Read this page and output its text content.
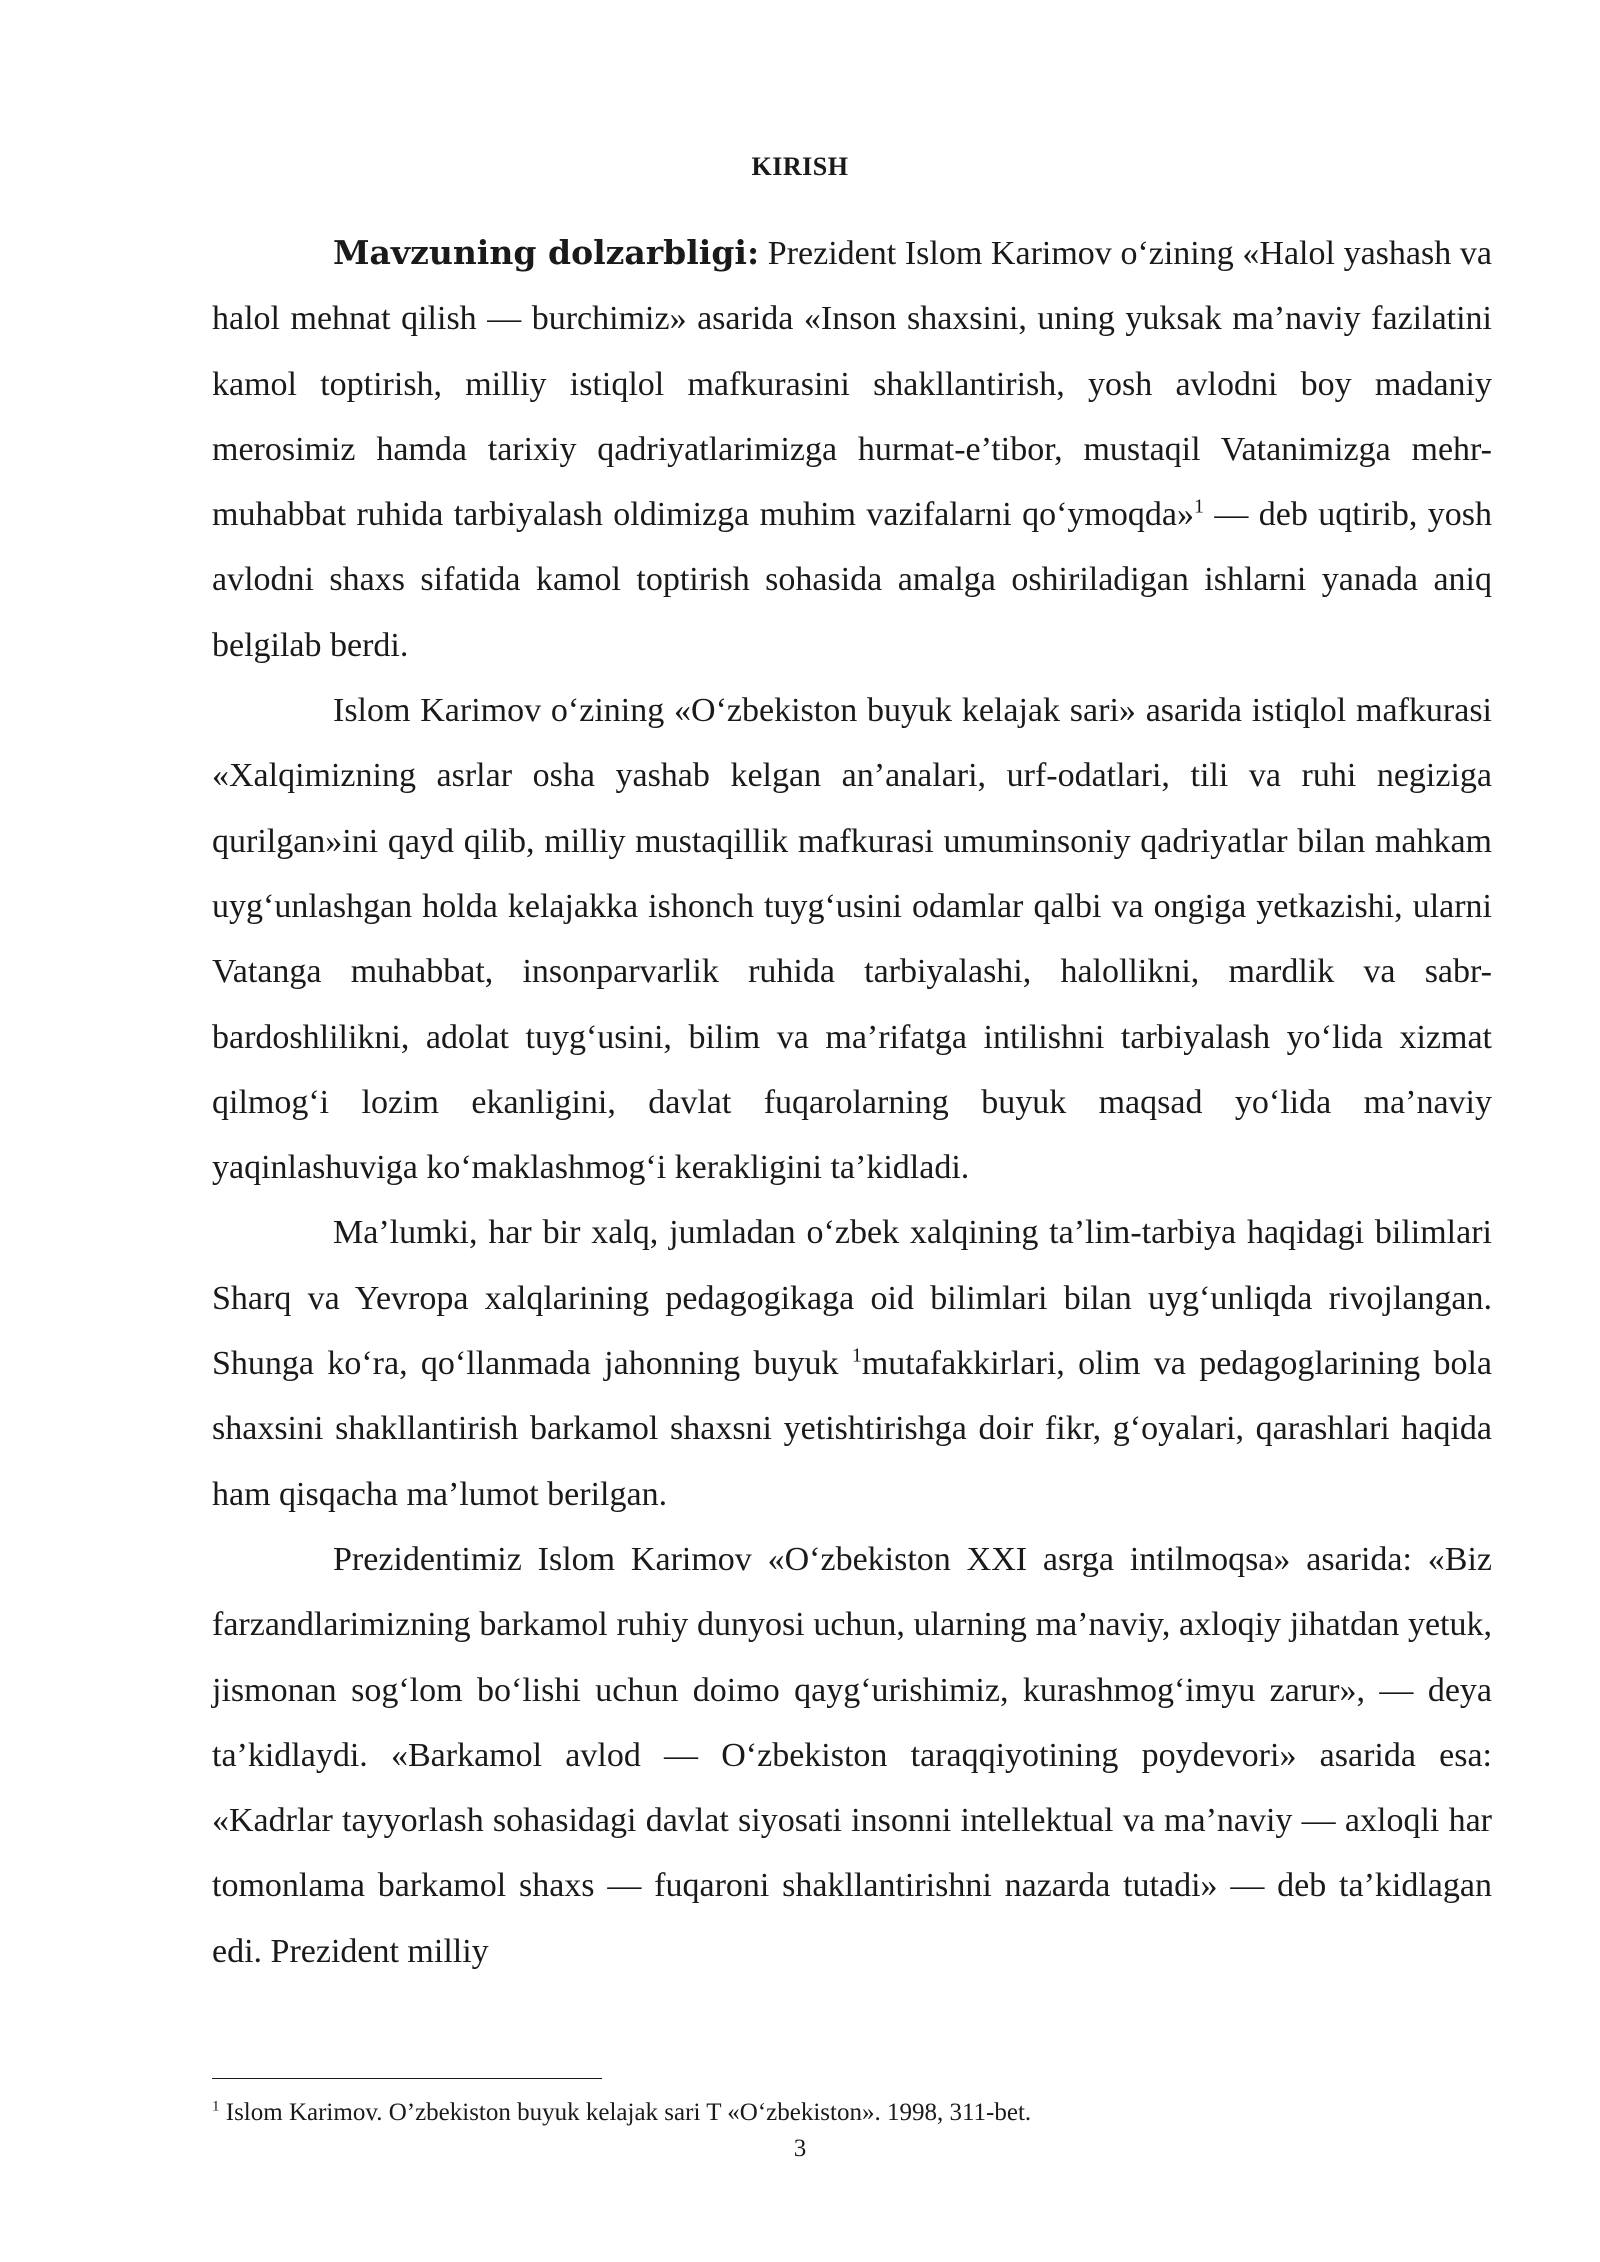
KIRISH

Mavzuning dolzarbligi: Prezident Islom Karimov o‘zining «Halol yashash va halol mehnat qilish — burchimiz» asarida «Inson shaxsini, uning yuksak ma’naviy fazilatini kamol toptirish, milliy istiqlol mafkurasini shakllantirish, yosh avlodni boy madaniy merosimiz hamda tarixiy qadriyatlarimizga hurmat-e’tibor, mustaqil Vatanimizga mehr-muhabbat ruhida tarbiyalash oldimizga muhim vazifalarni qo‘ymoqda»$^1$ — deb uqtirib, yosh avlodni shaxs sifatida kamol toptirish sohasida amalga oshiriladigan ishlarni yanada aniq belgilab berdi.

Islom Karimov o‘zining «O‘zbekiston buyuk kelajak sari» asarida istiqlol mafkurasi «Xalqimizning asrlar osha yashab kelgan an’analari, urf-odatlari, tili va ruhi negiziga qurilgan»ini qayd qilib, milliy mustaqillik mafkurasi umuminsoniy qadriyatlar bilan mahkam uyg‘unlashgan holda kelajakka ishonch tuyg‘usini odamlar qalbi va ongiga yetkazishi, ularni Vatanga muhabbat, insonparvarlik ruhida tarbiyalashi, halollikni, mardlik va sabr-bardoshlilikni, adolat tuyg‘usini, bilim va ma’rifatga intilishni tarbiyalash yo‘lida xizmat qilmog‘i lozim ekanligini, davlat fuqarolarning buyuk maqsad yo‘lida ma’naviy yaqinlashuviga ko‘maklashmog‘i kerakligini ta’kidladi.

Ma’lumki, har bir xalq, jumladan o‘zbek xalqining ta’lim-tarbiya haqidagi bilimlari Sharq va Yevropa xalqlarining pedagogikaga oid bilimlari bilan uyg‘unliqda rivojlangan. Shunga ko‘ra, qo‘llanmada jahonning buyuk $^1$mutafakkirlari, olim va pedagoglarining bola shaxsini shakllantirish barkamol shaxsni yetishtirishga doir fikr, g‘oyalari, qarashlari haqida ham qisqacha ma’lumot berilgan.

Prezidentimiz Islom Karimov «O‘zbekiston XXI asrga intilmoqsa» asarida: «Biz farzandlarimizning barkamol ruhiy dunyosi uchun, ularning ma’naviy, axloqiy jihatdan yetuk, jismonan sog‘lom bo‘lishi uchun doimo qayg‘urishimiz, kurashmog‘imyu zarur», — deya ta’kidlaydi. «Barkamol avlod — O‘zbekiston taraqqiyotining poydevori» asarida esa: «Kadrlar tayyorlash sohasidagi davlat siyosati insonni intellektual va ma’naviy — axloqli har tomonlama barkamol shaxs — fuqaroni shakllantirishni nazarda tutadi» — deb ta’kidlagan edi. Prezident milliy

$^1$ Islom Karimov. O’zbekiston buyuk kelajak sari T «O‘zbekiston». 1998, 311-bet.
3
